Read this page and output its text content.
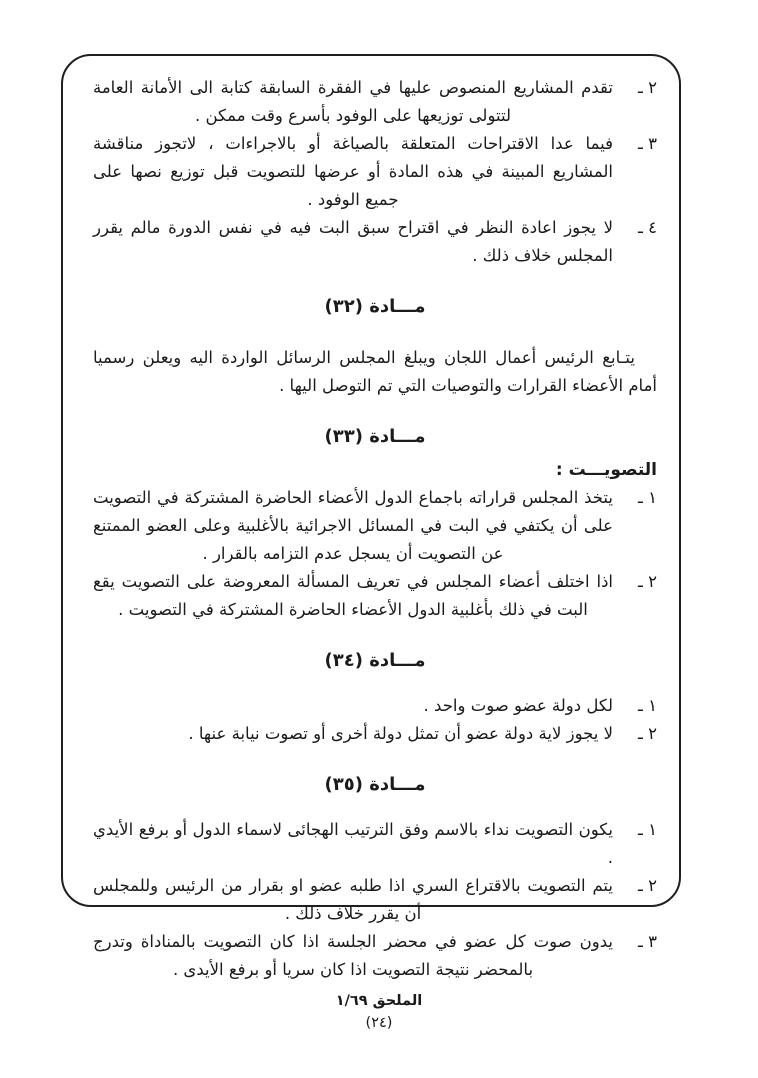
٢ ـ
تقدم المشاريع المنصوص عليها في الفقرة السابقة كتابة الى الأمانة العامة لتتولى توزيعها على الوفود بأسرع وقت ممكن .
٣ ـ
فيما عدا الاقتراحات المتعلقة بالصياغة أو بالاجراءات ، لاتجوز مناقشة المشاريع المبينة في هذه المادة أو عرضها للتصويت قبل توزيع نصها على جميع الوفود .
٤ ـ
لا يجوز اعادة النظر في اقتراح سبق البت فيه في نفس الدورة مالم يقرر المجلس خلاف ذلك .
مـــادة (٣٢)

يتـابع الرئيس أعمال اللجان ويبلغ المجلس الرسائل الواردة اليه ويعلن رسميا أمام الأعضاء القرارات والتوصيات التي تم التوصل اليها .

مـــادة (٣٣)
التصويـــت :
١ ـ
يتخذ المجلس قراراته باجماع الدول الأعضاء الحاضرة المشتركة في التصويت على أن يكتفي في البت في المسائل الاجرائية بالأغلبية وعلى العضو الممتنع عن التصويت أن يسجل عدم التزامه بالقرار .
٢ ـ
اذا اختلف أعضاء المجلس في تعريف المسألة المعروضة على التصويت يقع البت في ذلك بأغلبية الدول الأعضاء الحاضرة المشتركة في التصويت .
مـــادة (٣٤)
١ ـ
لكل دولة عضو صوت واحد .
٢ ـ
لا يجوز لاية دولة عضو أن تمثل دولة أخرى أو تصوت نيابة عنها .
مـــادة (٣٥)
١ ـ
يكون التصويت نداء بالاسم وفق الترتيب الهجائى لاسماء الدول أو برفع الأيدي .
٢ ـ
يتم التصويت بالاقتراع السري اذا طلبه عضو او بقرار من الرئيس وللمجلس أن يقرر خلاف ذلك .
٣ ـ
يدون صوت كل عضو في محضر الجلسة اذا كان التصويت بالمناداة وتدرج بالمحضر نتيجة التصويت اذا كان سريا أو برفع الأيدى .
الملحق ١/٦٩
(٢٤)
